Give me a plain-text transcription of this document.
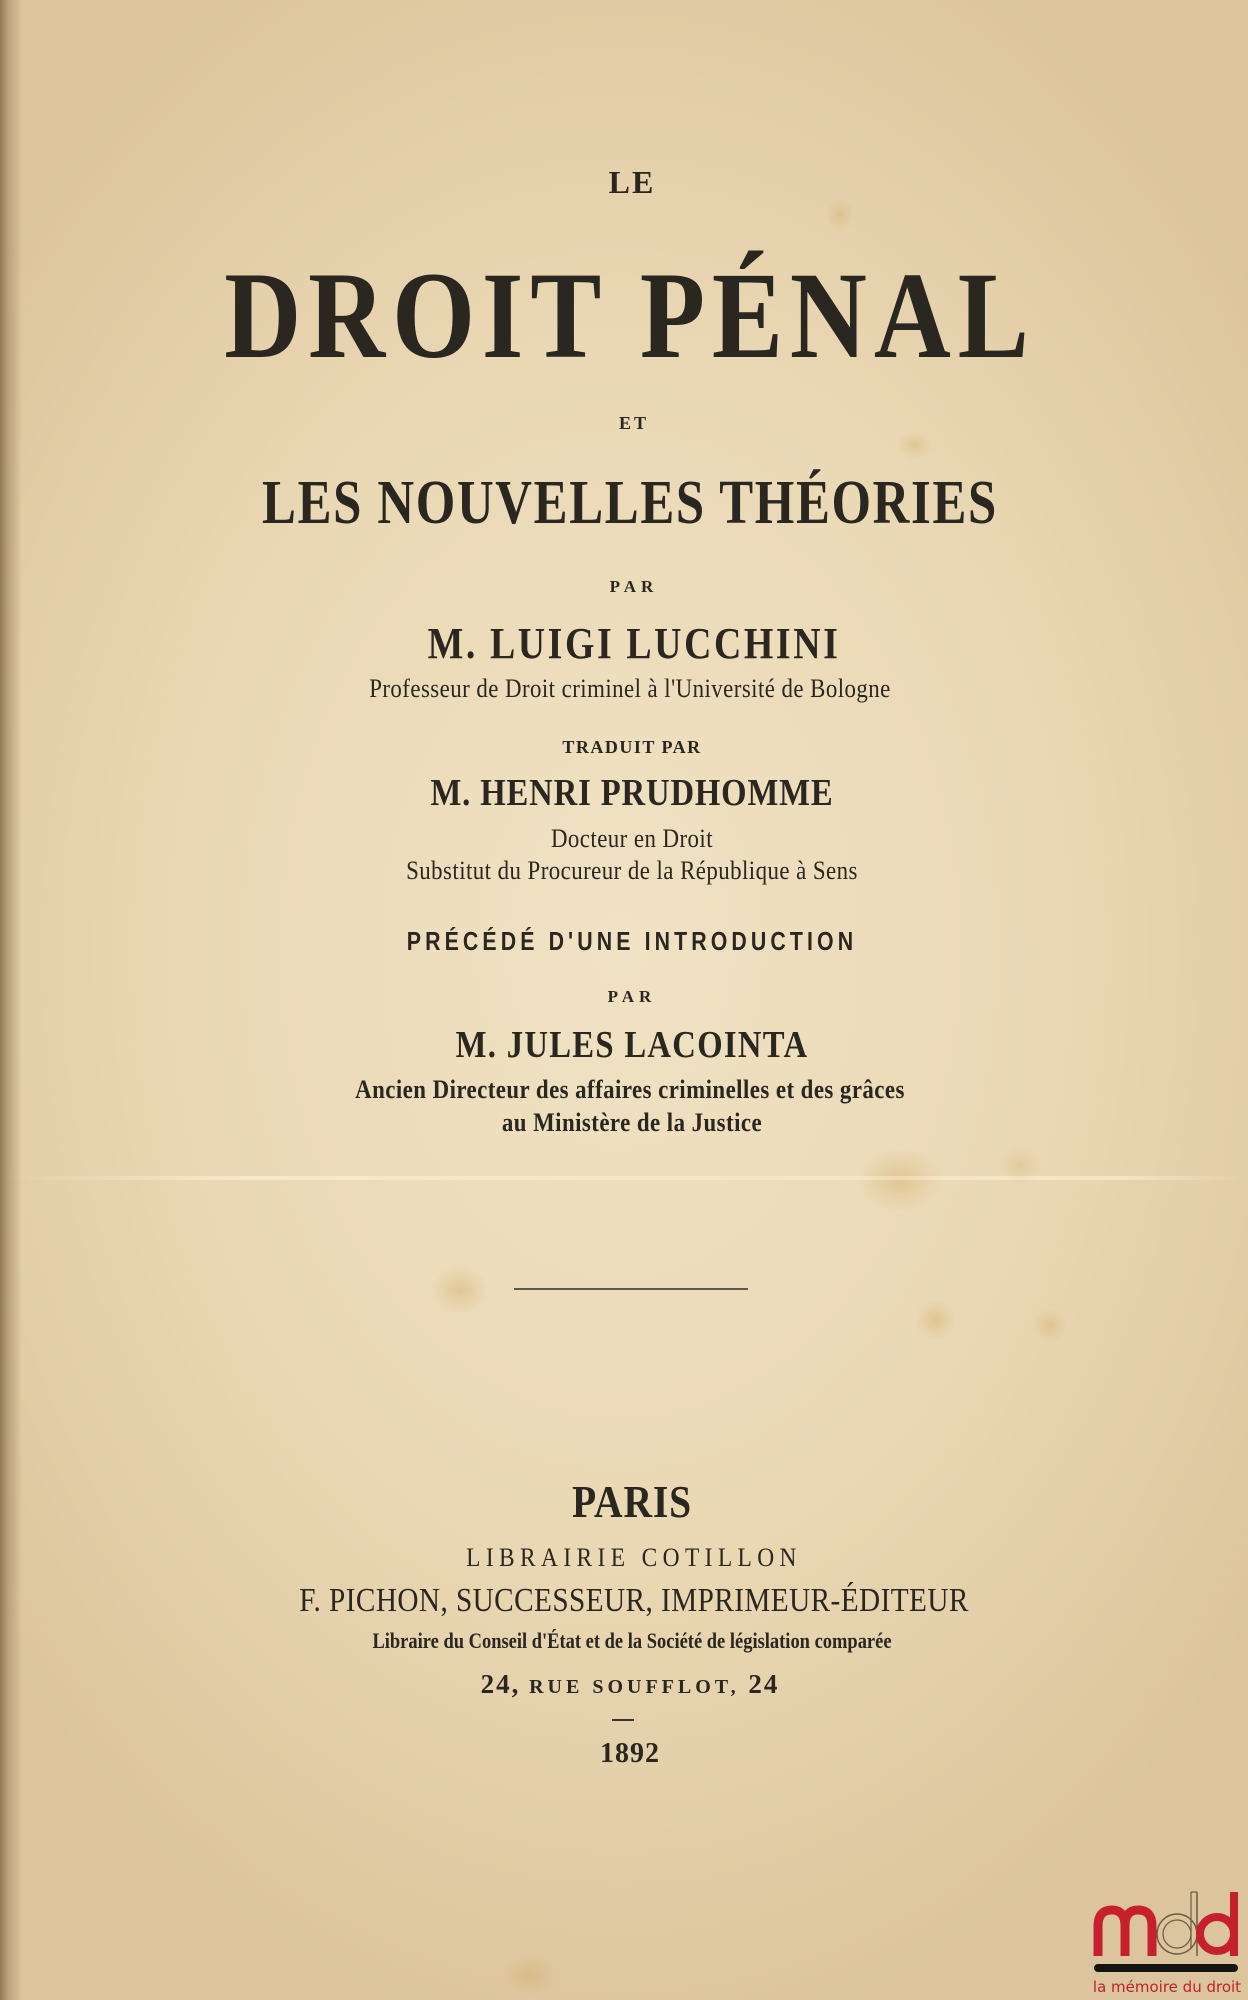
LE
DROIT PÉNAL
ET
LES NOUVELLES THÉORIES
PAR
M. LUIGI LUCCHINI
Professeur de Droit criminel à l'Université de Bologne
TRADUIT PAR
M. HENRI PRUDHOMME
Docteur en Droit
Substitut du Procureur de la République à Sens
PRÉCÉDÉ D'UNE INTRODUCTION
PAR
M. JULES LACOINTA
Ancien Directeur des affaires criminelles et des grâces
au Ministère de la Justice
PARIS
LIBRAIRIE COTILLON
F. PICHON, SUCCESSEUR, IMPRIMEUR-ÉDITEUR
Libraire du Conseil d'État et de la Société de législation comparée
24, RUE SOUFFLOT, 24
1892
la mémoire du droit
